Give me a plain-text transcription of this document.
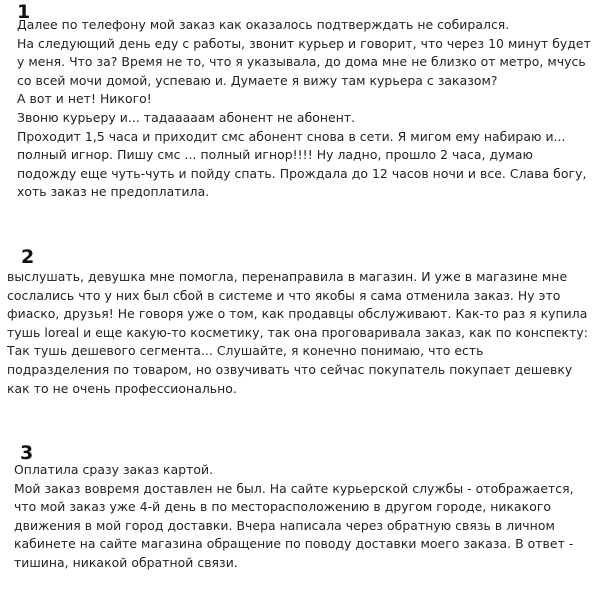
1
Далее по телефону мой заказ как оказалось подтверждать не собирался.
На следующий день еду с работы, звонит курьер и говорит, что через 10 минут будет
у меня. Что за? Время не то, что я указывала, до дома мне не близко от метро, мчусь
со всей мочи домой, успеваю и. Думаете я вижу там курьера с заказом?
А вот и нет! Никого!
Звоню курьеру и... тадааааам абонент не абонент.
Проходит 1,5 часа и приходит смс абонент снова в сети. Я мигом ему набираю и...
полный игнор. Пишу смс ... полный игнор!!!! Ну ладно, прошло 2 часа, думаю
подожду еще чуть-чуть и пойду спать. Прождала до 12 часов ночи и все. Слава богу,
хоть заказ не предоплатила.
2
выслушать, девушка мне помогла, перенаправила в магазин. И уже в магазине мне
сослались что у них был сбой в системе и что якобы я сама отменила заказ. Ну это
фиаско, друзья! Не говоря уже о том, как продавцы обслуживают. Как-то раз я купила
тушь loreal и еще какую-то косметику, так она проговаривала заказ, как по конспекту:
Так тушь дешевого сегмента... Слушайте, я конечно понимаю, что есть
подразделения по товаром, но озвучивать что сейчас покупатель покупает дешевку
как то не очень профессионально.
3
Оплатила сразу заказ картой.
Мой заказ вовремя доставлен не был. На сайте курьерской службы - отображается,
что мой заказ уже 4-й день в по месторасположению в другом городе, никакого
движения в мой город доставки. Вчера написала через обратную связь в личном
кабинете на сайте магазина обращение по поводу доставки моего заказа. В ответ -
тишина, никакой обратной связи.
